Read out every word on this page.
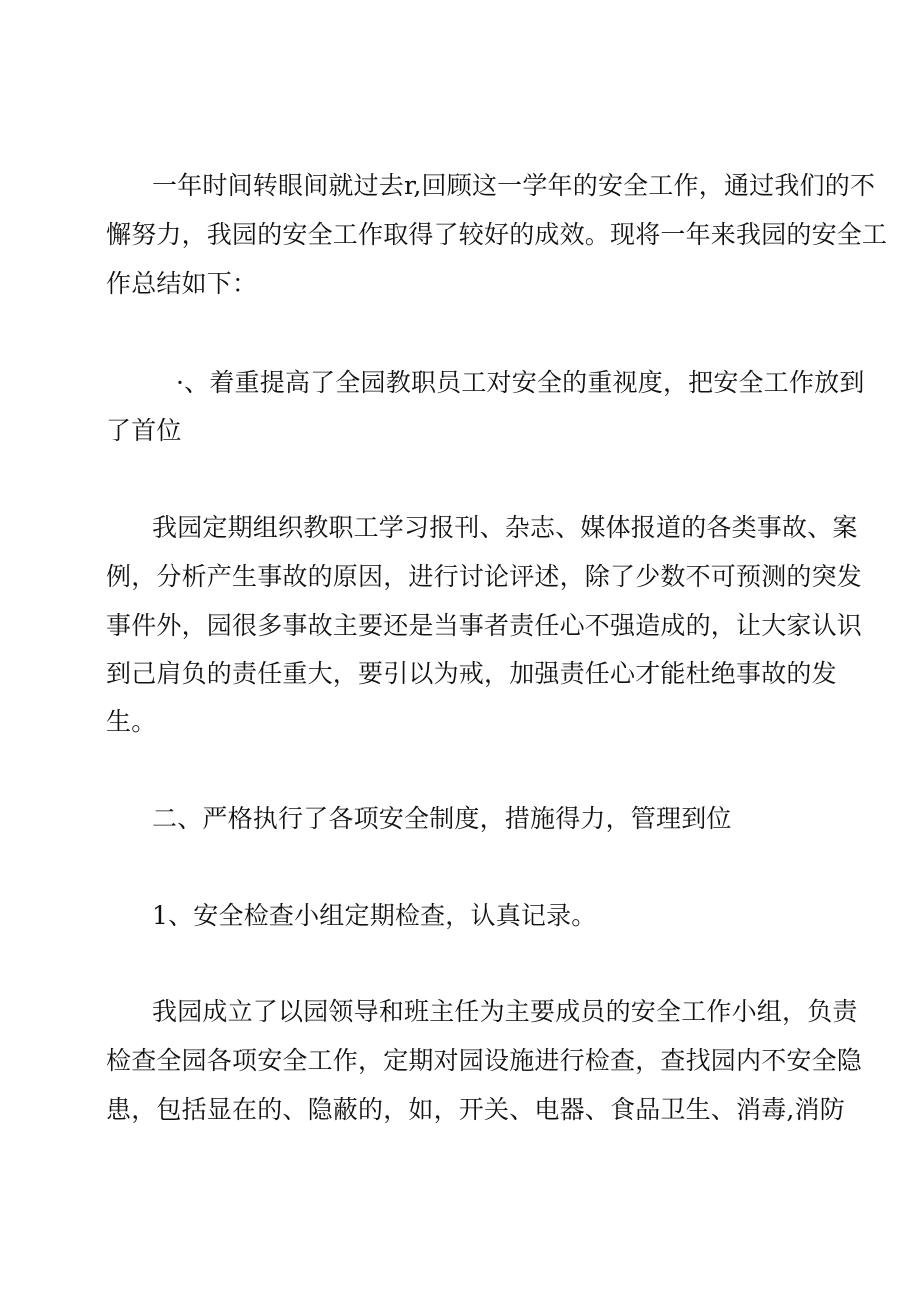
一年时间转眼间就过去r,回顾这一学年的安全工作，通过我们的不

懈努力，我园的安全工作取得了较好的成效。现将一年来我园的安全工

作总结如下：

·、着重提高了全园教职员工对安全的重视度，把安全工作放到

了首位

我园定期组织教职工学习报刊、杂志、媒体报道的各类事故、案

例，分析产生事故的原因，进行讨论评述，除了少数不可预测的突发

事件外，园很多事故主要还是当事者责任心不强造成的，让大家认识

到己肩负的责任重大，要引以为戒，加强责任心才能杜绝事故的发

生。

二、严格执行了各项安全制度，措施得力，管理到位

1、安全检查小组定期检查，认真记录。

我园成立了以园领导和班主任为主要成员的安全工作小组，负责

检查全园各项安全工作，定期对园设施进行检查，查找园内不安全隐

患，包括显在的、隐蔽的，如，开关、电器、食品卫生、消毒,消防
